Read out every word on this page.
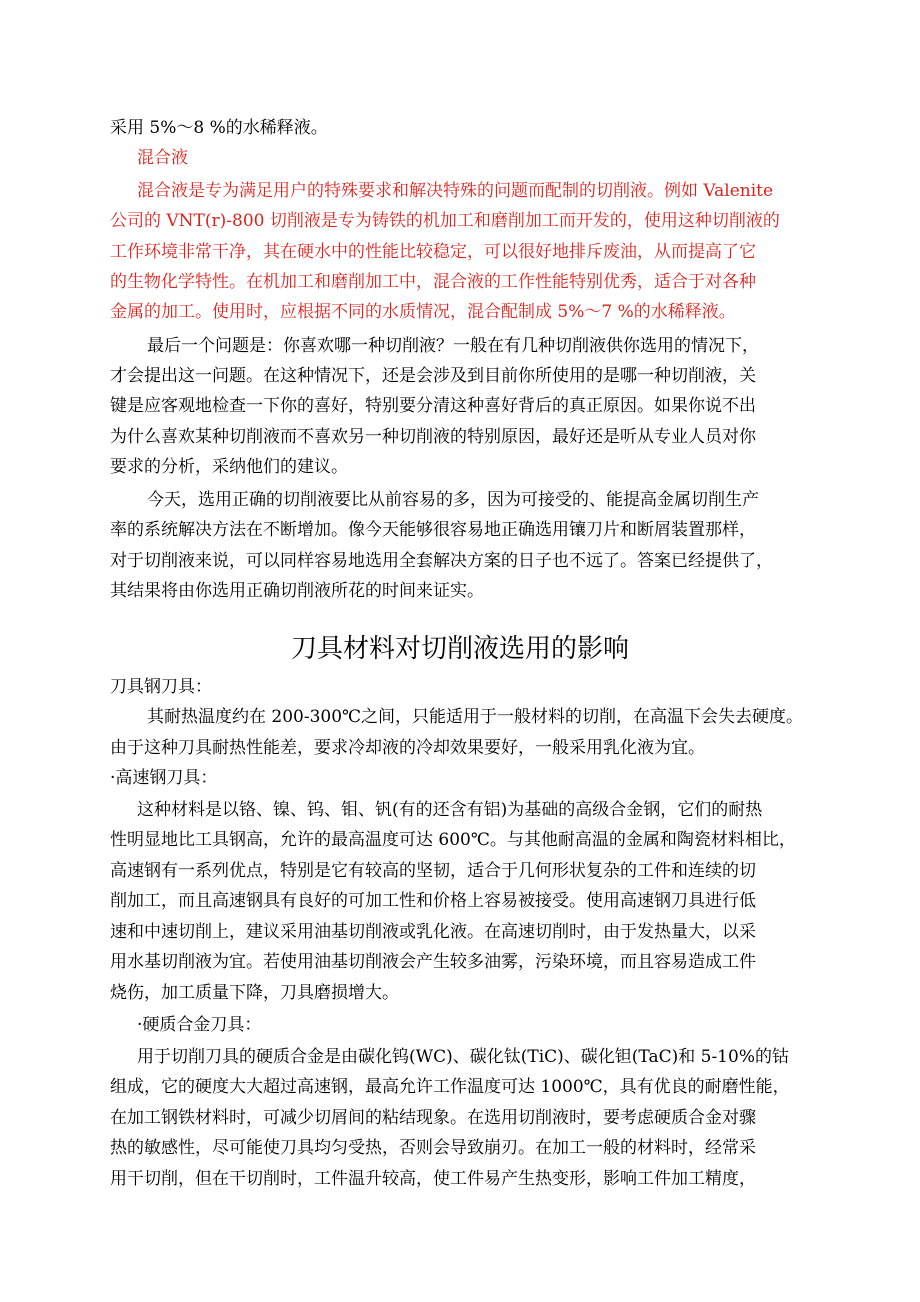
采用 5%～8 %的水稀释液。
混合液
混合液是专为满足用户的特殊要求和解决特殊的问题而配制的切削液。例如 Valenite
公司的 VNT(r)-800 切削液是专为铸铁的机加工和磨削加工而开发的，使用这种切削液的
工作环境非常干净，其在硬水中的性能比较稳定，可以很好地排斥废油，从而提高了它
的生物化学特性。在机加工和磨削加工中，混合液的工作性能特别优秀，适合于对各种
金属的加工。使用时，应根据不同的水质情况，混合配制成 5%～7 %的水稀释液。
最后一个问题是：你喜欢哪一种切削液？一般在有几种切削液供你选用的情况下，
才会提出这一问题。在这种情况下，还是会涉及到目前你所使用的是哪一种切削液，关
键是应客观地检查一下你的喜好，特别要分清这种喜好背后的真正原因。如果你说不出
为什么喜欢某种切削液而不喜欢另一种切削液的特别原因，最好还是听从专业人员对你
要求的分析，采纳他们的建议。
今天，选用正确的切削液要比从前容易的多，因为可接受的、能提高金属切削生产
率的系统解决方法在不断增加。像今天能够很容易地正确选用镶刀片和断屑装置那样，
对于切削液来说，可以同样容易地选用全套解决方案的日子也不远了。答案已经提供了，
其结果将由你选用正确切削液所花的时间来证实。
刀具材料对切削液选用的影响
刀具钢刀具：
其耐热温度约在 200-300℃之间，只能适用于一般材料的切削，在高温下会失去硬度。
由于这种刀具耐热性能差，要求冷却液的冷却效果要好，一般采用乳化液为宜。
·高速钢刀具：
这种材料是以铬、镍、钨、钼、钒(有的还含有铝)为基础的高级合金钢，它们的耐热
性明显地比工具钢高，允许的最高温度可达 600℃。与其他耐高温的金属和陶瓷材料相比，
高速钢有一系列优点，特别是它有较高的坚韧，适合于几何形状复杂的工件和连续的切
削加工，而且高速钢具有良好的可加工性和价格上容易被接受。使用高速钢刀具进行低
速和中速切削上，建议采用油基切削液或乳化液。在高速切削时，由于发热量大，以采
用水基切削液为宜。若使用油基切削液会产生较多油雾，污染环境，而且容易造成工件
烧伤，加工质量下降，刀具磨损增大。
·硬质合金刀具：
用于切削刀具的硬质合金是由碳化钨(WC)、碳化钛(TiC)、碳化钽(TaC)和 5-10%的钴
组成，它的硬度大大超过高速钢，最高允许工作温度可达 1000℃，具有优良的耐磨性能，
在加工钢铁材料时，可减少切屑间的粘结现象。在选用切削液时，要考虑硬质合金对骤
热的敏感性，尽可能使刀具均匀受热，否则会导致崩刃。在加工一般的材料时，经常采
用干切削，但在干切削时，工件温升较高，使工件易产生热变形，影响工件加工精度，
